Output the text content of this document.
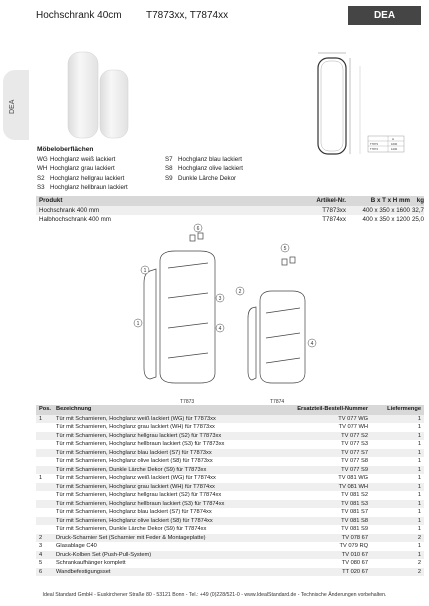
Hochschrank 40cm T7873xx, T7874xx	DEA
DEA
A
T7873	1600
T7874	1200
Möbeloberflächen
WG Hochglanz weiß lackiert
WH Hochglanz grau lackiert
S2 Hochglanz hellgrau lackiert
S3 Hochglanz hellbraun lackiert
S7 Hochglanz blau lackiert
S8 Hochglanz olive lackiert
S9 Dunkle Lärche Dekor
Produkt	Artikel-Nr.	B x T x H mm kg
Hochschrank 400 mm	T7873xx	400 x 350 x 1600 32,7
Halbhochschrank 400 mm	T7874xx	400 x 350 x 1200 25,0
1
1
3
4
6
5
2
4
T7873	T7874
Pos. Bezeichnung	Ersatzteil-Bestell-Nummer	Liefermenge
1 Tür mit Scharnieren, Hochglanz weiß lackiert (WG) für T7873xx	TV 077 WG	1
Tür mit Scharnieren, Hochglanz grau lackiert (WH) für T7873xx	TV 077 WH	1
Tür mit Scharnieren, Hochglanz hellgrau lackiert (S2) für T7873xx	TV 077 S2	1
Tür mit Scharnieren, Hochglanz hellbraun lackiert (S3) für T7873xx	TV 077 S3	1
Tür mit Scharnieren, Hochglanz blau lackiert (S7) für T7873xx	TV 077 S7	1
Tür mit Scharnieren, Hochglanz olive lackiert (S8) für T7873xx	TV 077 S8	1
Tür mit Scharnieren, Dunkle Lärche Dekor (S9) für T7873xx	TV 077 S9	1
1 Tür mit Scharnieren, Hochglanz weiß lackiert (WG) für T7874xx	TV 081 WG	1
Tür mit Scharnieren, Hochglanz grau lackiert (WH) für T7874xx	TV 081 WH	1
Tür mit Scharnieren, Hochglanz hellgrau lackiert (S2) für T7874xx	TV 081 S2	1
Tür mit Scharnieren, Hochglanz hellbraun lackiert (S3) für T7874xx	TV 081 S3	1
Tür mit Scharnieren, Hochglanz blau lackiert (S7) für T7874xx	TV 081 S7	1
Tür mit Scharnieren, Hochglanz olive lackiert (S8) für T7874xx	TV 081 S8	1
Tür mit Scharnieren, Dunkle Lärche Dekor (S9) für T7874xx	TV 081 S9	1
2 Druck-Scharnier Set (Scharnier mit Feder & Montageplatte)	TV 078 67	2
3 Glasablage C40	TV 079 RQ	1
4 Druck-Kolben Set (Push-Pull-System)	TV 010 67	1
5 Schrankaufhänger komplett	TV 080 67	2
6 Wandbefestigungsset	TT 020 67	2
Ideal Standard GmbH - Euskirchener Straße 80 - 53121 Bonn - Tel.: +49 (0)228/521-0 - www.IdealStandard.de - Technische Änderungen vorbehalten.
